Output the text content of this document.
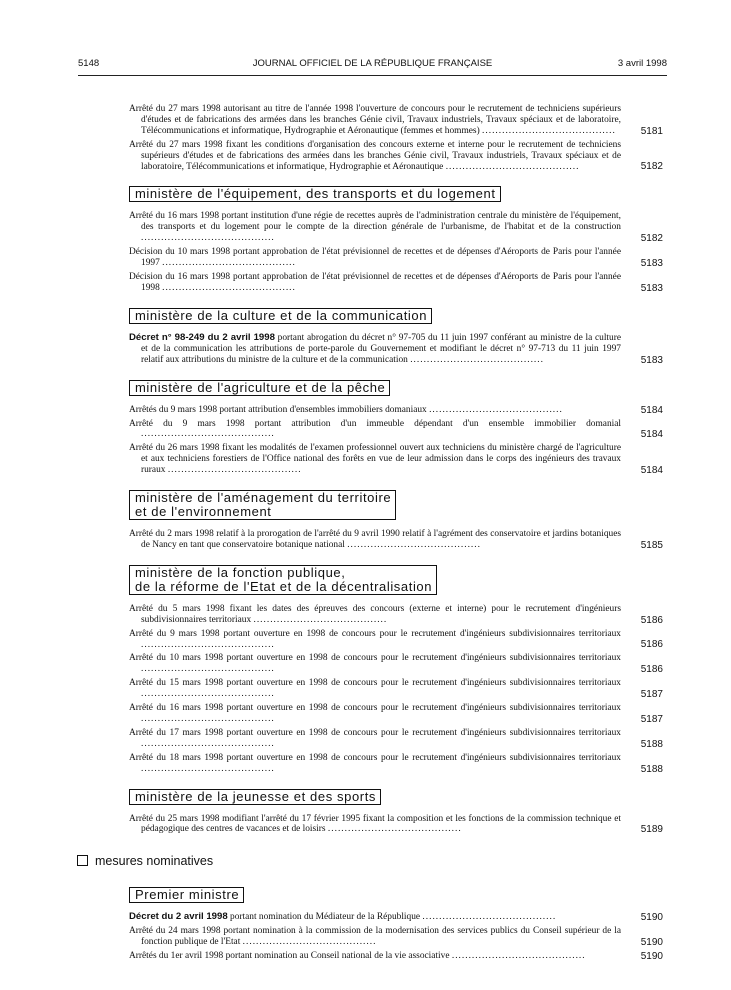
5148	JOURNAL OFFICIEL DE LA RÉPUBLIQUE FRANÇAISE	3 avril 1998
Arrêté du 27 mars 1998 autorisant au titre de l'année 1998 l'ouverture de concours pour le recrutement de techniciens supérieurs d'études et de fabrications des armées dans les branches Génie civil, Travaux industriels, Travaux spéciaux et de laboratoire, Télécommunications et informatique, Hydrographie et Aéronautique (femmes et hommes) ........................................	5181
Arrêté du 27 mars 1998 fixant les conditions d'organisation des concours externe et interne pour le recrutement de techniciens supérieurs d'études et de fabrications des armées dans les branches Génie civil, Travaux industriels, Travaux spéciaux et de laboratoire, Télécommunications et informatique, Hydrographie et Aéronautique ........................................	5182
ministère de l'équipement, des transports et du logement
Arrêté du 16 mars 1998 portant institution d'une régie de recettes auprès de l'administration centrale du ministère de l'équipement, des transports et du logement pour le compte de la direction générale de l'urbanisme, de l'habitat et de la construction ........................................	5182
Décision du 10 mars 1998 portant approbation de l'état prévisionnel de recettes et de dépenses d'Aéroports de Paris pour l'année 1997 ........................................	5183
Décision du 16 mars 1998 portant approbation de l'état prévisionnel de recettes et de dépenses d'Aéroports de Paris pour l'année 1998 ........................................	5183
ministère de la culture et de la communication
Décret n° 98-249 du 2 avril 1998 portant abrogation du décret n° 97-705 du 11 juin 1997 conférant au ministre de la culture et de la communication les attributions de porte-parole du Gouvernement et modifiant le décret n° 97-713 du 11 juin 1997 relatif aux attributions du ministre de la culture et de la communication ........................................	5183
ministère de l'agriculture et de la pêche
Arrêtés du 9 mars 1998 portant attribution d'ensembles immobiliers domaniaux ........................................	5184
Arrêté du 9 mars 1998 portant attribution d'un immeuble dépendant d'un ensemble immobilier domanial ........................................	5184
Arrêté du 26 mars 1998 fixant les modalités de l'examen professionnel ouvert aux techniciens du ministère chargé de l'agriculture et aux techniciens forestiers de l'Office national des forêts en vue de leur admission dans le corps des ingénieurs des travaux ruraux ........................................	5184
ministère de l'aménagement du territoire
et de l'environnement
Arrêté du 2 mars 1998 relatif à la prorogation de l'arrêté du 9 avril 1990 relatif à l'agrément des conservatoire et jardins botaniques de Nancy en tant que conservatoire botanique national ........................................	5185
ministère de la fonction publique,
de la réforme de l'Etat et de la décentralisation
Arrêté du 5 mars 1998 fixant les dates des épreuves des concours (externe et interne) pour le recrutement d'ingénieurs subdivisionnaires territoriaux ........................................	5186
Arrêté du 9 mars 1998 portant ouverture en 1998 de concours pour le recrutement d'ingénieurs subdivisionnaires territoriaux ........................................	5186
Arrêté du 10 mars 1998 portant ouverture en 1998 de concours pour le recrutement d'ingénieurs subdivisionnaires territoriaux ........................................	5186
Arrêté du 15 mars 1998 portant ouverture en 1998 de concours pour le recrutement d'ingénieurs subdivisionnaires territoriaux ........................................	5187
Arrêté du 16 mars 1998 portant ouverture en 1998 de concours pour le recrutement d'ingénieurs subdivisionnaires territoriaux ........................................	5187
Arrêté du 17 mars 1998 portant ouverture en 1998 de concours pour le recrutement d'ingénieurs subdivisionnaires territoriaux ........................................	5188
Arrêté du 18 mars 1998 portant ouverture en 1998 de concours pour le recrutement d'ingénieurs subdivisionnaires territoriaux ........................................	5188
ministère de la jeunesse et des sports
Arrêté du 25 mars 1998 modifiant l'arrêté du 17 février 1995 fixant la composition et les fonctions de la commission technique et pédagogique des centres de vacances et de loisirs ........................................	5189
mesures nominatives
Premier ministre
Décret du 2 avril 1998 portant nomination du Médiateur de la République ........................................	5190
Arrêté du 24 mars 1998 portant nomination à la commission de la modernisation des services publics du Conseil supérieur de la fonction publique de l'Etat ........................................	5190
Arrêtés du 1er avril 1998 portant nomination au Conseil national de la vie associative ........................................	5190
